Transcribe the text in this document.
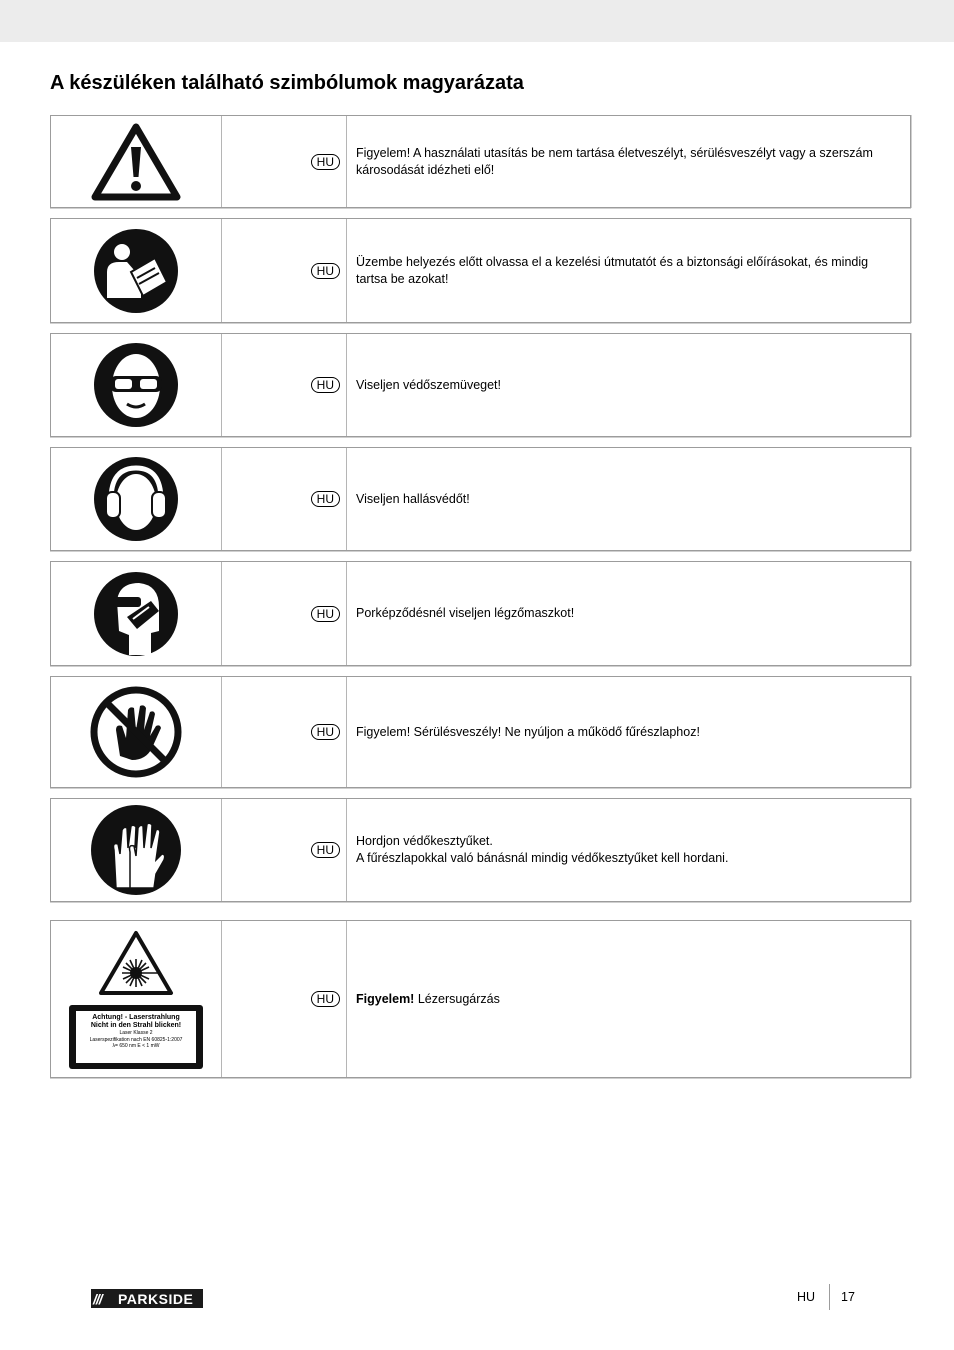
A készüléken található szimbólumok magyarázata
HU
Figyelem! A használati utasítás be nem tartása életveszélyt, sérülésveszélyt vagy a szerszám károsodását idézheti elő!
HU
Üzembe helyezés előtt olvassa el a kezelési útmutatót és a biztonsági előírásokat, és mindig tartsa be azokat!
HU	Viseljen védőszemüveget!
HU	Viseljen hallásvédőt!
HU	Porképződésnél viseljen légzőmaszkot!
HU	Figyelem! Sérülésveszély! Ne nyúljon a működő fűrészlaphoz!
HU
Hordjon védőkesztyűket.
A fűrészlapokkal való bánásnál mindig védőkesztyűket kell hordani.
Achtung! - Laserstrahlung
Nicht in den Strahl blicken!
Laser Klasse 2
Laserspezifikation nach EN 60825-1:2007
λ= 650 nm E < 1 mW
HU	Figyelem! Lézersugárzás
///	PARKSIDE	HU 17
